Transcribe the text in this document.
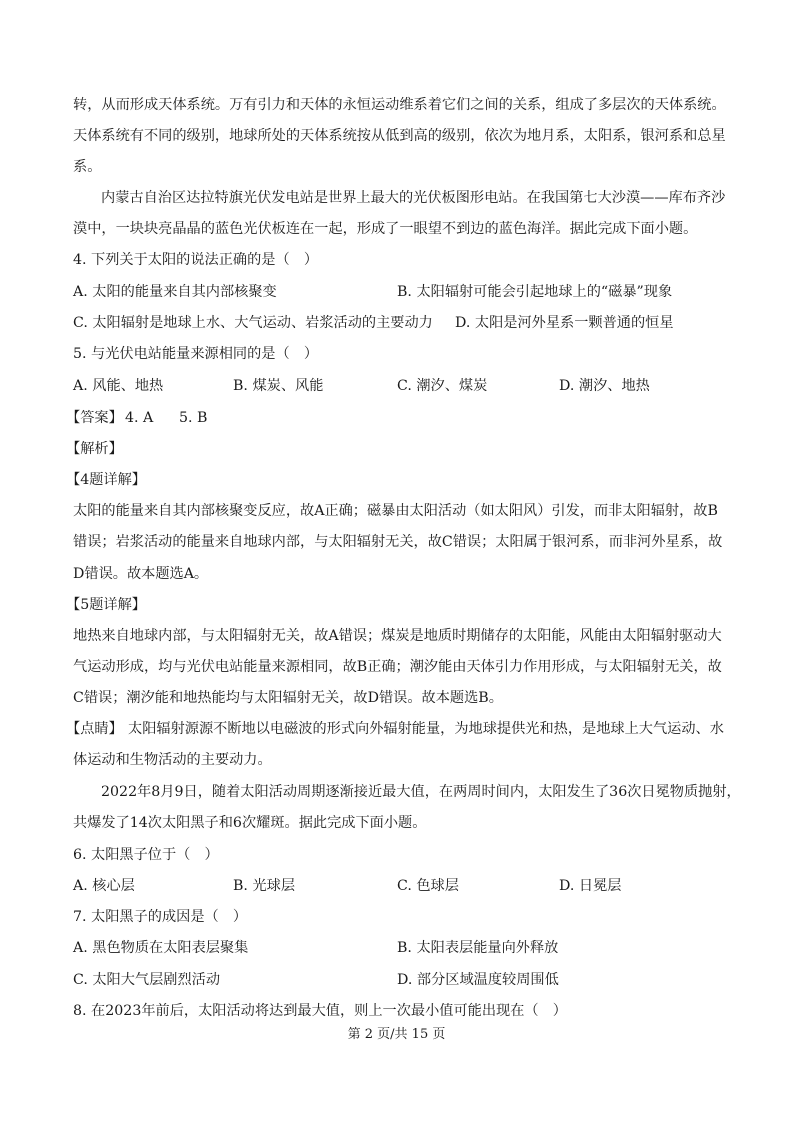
转，从而形成天体系统。万有引力和天体的永恒运动维系着它们之间的关系，组成了多层次的天体系统。
天体系统有不同的级别，地球所处的天体系统按从低到高的级别，依次为地月系，太阳系，银河系和总星
系。
内蒙古自治区达拉特旗光伏发电站是世界上最大的光伏板图形电站。在我国第七大沙漠——库布齐沙
漠中，一块块亮晶晶的蓝色光伏板连在一起，形成了一眼望不到边的蓝色海洋。据此完成下面小题。
4. 下列关于太阳的说法正确的是（　）
A. 太阳的能量来自其内部核聚变	B. 太阳辐射可能会引起地球上的“磁暴”现象
C. 太阳辐射是地球上水、大气运动、岩浆活动的主要动力 D. 太阳是河外星系一颗普通的恒星
5. 与光伏电站能量来源相同的是（　）
A. 风能、地热	B. 煤炭、风能	C. 潮汐、煤炭	D. 潮汐、地热
【答案】 4. A 5. B
【解析】
【4题详解】
太阳的能量来自其内部核聚变反应，故A正确；磁暴由太阳活动（如太阳风）引发，而非太阳辐射，故B
错误；岩浆活动的能量来自地球内部，与太阳辐射无关，故C错误；太阳属于银河系，而非河外星系，故
D错误。故本题选A。
【5题详解】
地热来自地球内部，与太阳辐射无关，故A错误；煤炭是地质时期储存的太阳能，风能由太阳辐射驱动大
气运动形成，均与光伏电站能量来源相同，故B正确；潮汐能由天体引力作用形成，与太阳辐射无关，故
C错误；潮汐能和地热能均与太阳辐射无关，故D错误。故本题选B。
【点睛】 太阳辐射源源不断地以电磁波的形式向外辐射能量，为地球提供光和热，是地球上大气运动、水
体运动和生物活动的主要动力。
2022年8月9日，随着太阳活动周期逐渐接近最大值，在两周时间内，太阳发生了36次日冕物质抛射，
共爆发了14次太阳黑子和6次耀斑。据此完成下面小题。
6. 太阳黑子位于（　）
A. 核心层	B. 光球层	C. 色球层	D. 日冕层
7. 太阳黑子的成因是（　）
A. 黑色物质在太阳表层聚集	B. 太阳表层能量向外释放
C. 太阳大气层剧烈活动	D. 部分区域温度较周围低
8. 在2023年前后，太阳活动将达到最大值，则上一次最小值可能出现在（　）
第 2 页/共 15 页
